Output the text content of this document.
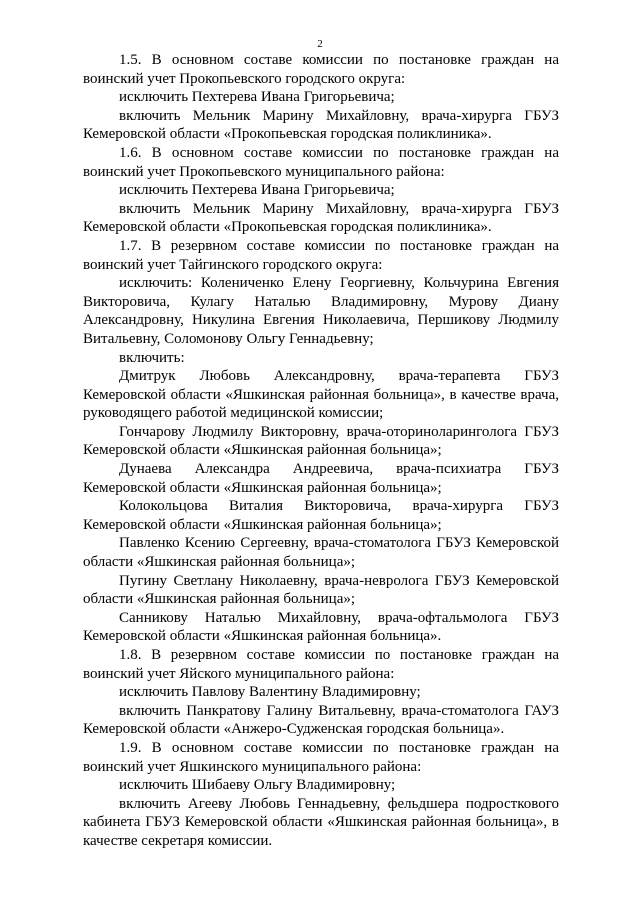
2

1.5. В основном составе комиссии по постановке граждан на воинский учет Прокопьевского городского округа:

исключить Пехтерева Ивана Григорьевича;

включить Мельник Марину Михайловну, врача-хирурга ГБУЗ Кемеровской области «Прокопьевская городская поликлиника».

1.6. В основном составе комиссии по постановке граждан на воинский учет Прокопьевского муниципального района:

исключить Пехтерева Ивана Григорьевича;

включить Мельник Марину Михайловну, врача-хирурга ГБУЗ Кемеровской области «Прокопьевская городская поликлиника».

1.7. В резервном составе комиссии по постановке граждан на воинский учет Тайгинского городского округа:

исключить: Колениченко Елену Георгиевну, Кольчурина Евгения Викторовича, Кулагу Наталью Владимировну, Мурову Диану Александровну, Никулина Евгения Николаевича, Першикову Людмилу Витальевну, Соломонову Ольгу Геннадьевну;

включить:

Дмитрук Любовь Александровну, врача-терапевта ГБУЗ Кемеровской области «Яшкинская районная больница», в качестве врача, руководящего работой медицинской комиссии;

Гончарову Людмилу Викторовну, врача-оториноларинголога ГБУЗ Кемеровской области «Яшкинская районная больница»;

Дунаева Александра Андреевича, врача-психиатра ГБУЗ Кемеровской области «Яшкинская районная больница»;

Колокольцова Виталия Викторовича, врача-хирурга ГБУЗ Кемеровской области «Яшкинская районная больница»;

Павленко Ксению Сергеевну, врача-стоматолога ГБУЗ Кемеровской области «Яшкинская районная больница»;

Пугину Светлану Николаевну, врача-невролога ГБУЗ Кемеровской области «Яшкинская районная больница»;

Санникову Наталью Михайловну, врача-офтальмолога ГБУЗ Кемеровской области «Яшкинская районная больница».

1.8. В резервном составе комиссии по постановке граждан на воинский учет Яйского муниципального района:

исключить Павлову Валентину Владимировну;

включить Панкратову Галину Витальевну, врача-стоматолога ГАУЗ Кемеровской области «Анжеро-Судженская городская больница».

1.9. В основном составе комиссии по постановке граждан на воинский учет Яшкинского муниципального района:

исключить Шибаеву Ольгу Владимировну;

включить Агееву Любовь Геннадьевну, фельдшера подросткового кабинета ГБУЗ Кемеровской области «Яшкинская районная больница», в качестве секретаря комиссии.
